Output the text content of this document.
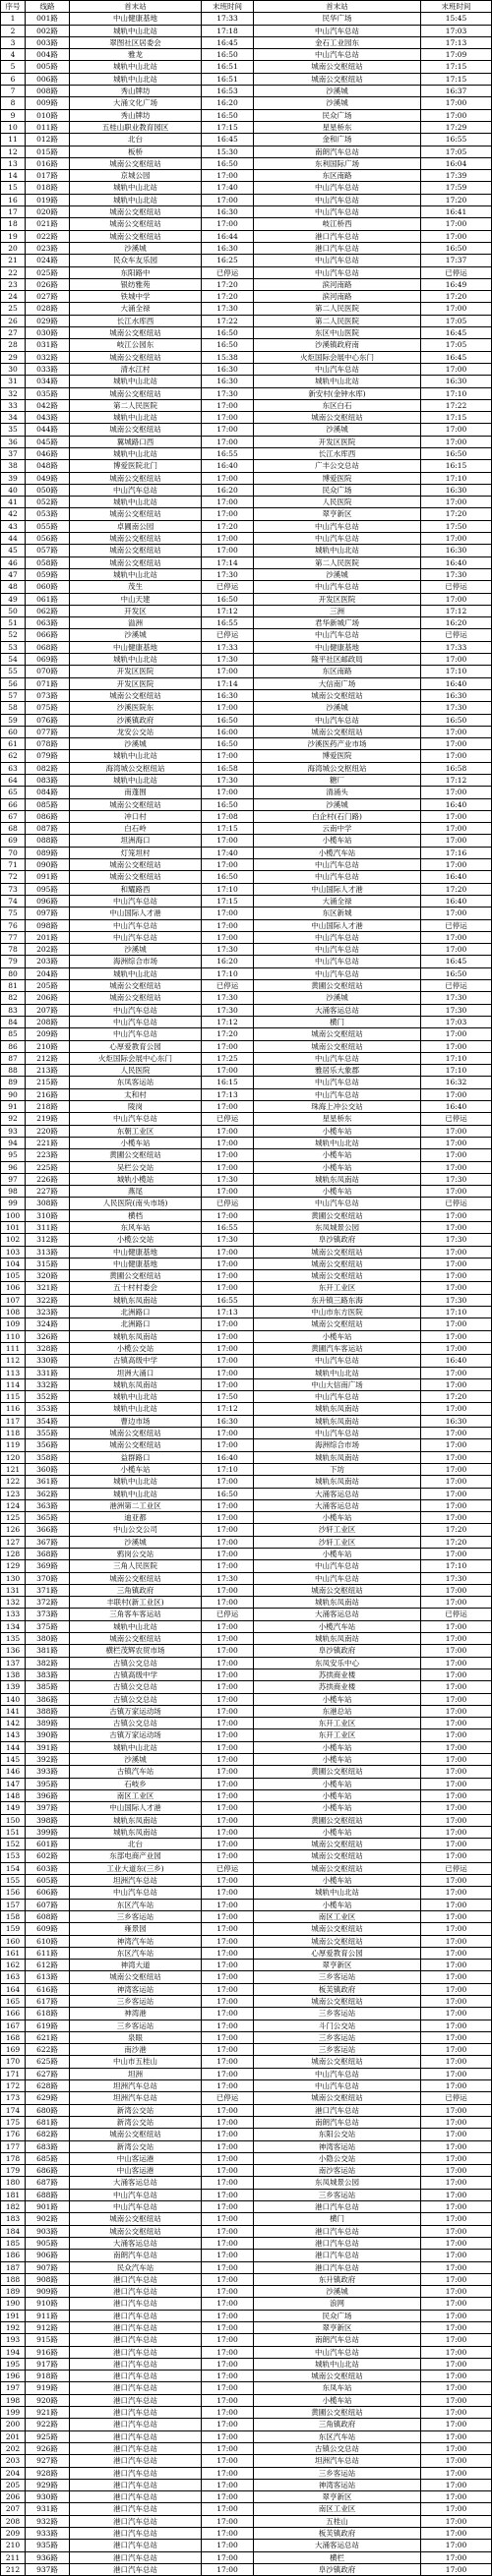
序号	线路	首末站	末班时间	首末站	末班时间
1	001路	中山健康基地	17:33	民华广场	15:45
2	002路	城轨中山北站	17:18	中山汽车总站	17:03
3	003路	翠图社区居委会	16:45	金石工业园东	17:13
4	004路	雅龙	16:50	中山汽车总站	17:09
5	005路	城轨中山北站	16:51	城南公交枢纽站	17:15
6	006路	城轨中山北站	16:51	城南公交枢纽站	17:15
7	008路	秀山牌坊	16:53	沙溪城	16:37
8	009路	大涌文化广场	16:20	沙溪城	17:00
9	010路	秀山牌坊	16:50	民众广场	17:00
10	011路	五桂山职业教育园区	17:15	星星桥东	17:29
11	012路	北台	16:45	金和广场	16:55
12	015路	板桥	15:30	南朗汽车总站	17:05
13	016路	城南公交枢纽站	16:50	东利国际广场	16:04
14	017路	京城公园	17:00	东区南路	17:39
15	018路	城轨中山北站	17:40	中山汽车总站	17:59
16	019路	城轨中山北站	17:00	中山汽车总站	17:20
17	020路	城南公交枢纽站	16:30	中山汽车总站	16:41
18	021路	城南公交枢纽站	17:00	岐江桥西	17:00
19	022路	城南公交枢纽站	16:44	港口汽车总站	17:00
20	023路	沙溪城	16:30	港口汽车总站	16:50
21	024路	民众车友乐园	16:25	中山汽车总站	17:37
22	025路	东阳路中	已停运	中山汽车总站	已停运
23	026路	银纺雅苑	17:20	滨河南路	16:49
24	027路	铁城中学	17:20	滨河南路	17:20
25	028路	大涌全禄	17:30	第二人民医院	17:00
26	029路	长江水库西	17:22	第二人民医院	17:05
27	030路	城南公交枢纽站	16:50	东区中山医院	16:45
28	031路	岐江公园东	16:50	沙溪镇政府南	17:05
29	032路	城南公交枢纽站	15:38	火炬国际会展中心东门	16:45
30	033路	清水江村	16:30	中山汽车总站	17:00
31	034路	城轨中山北站	16:30	城轨中山北站	16:30
32	035路	城南公交枢纽站	17:30	新安村(金钟水库)	17:10
33	042路	第二人民医院	17:00	东区白石	17:22
34	043路	城轨中山北站	17:00	城南公交枢纽站	17:15
35	044路	城南公交枢纽站	17:00	沙溪城	17:00
36	045路	翼城路口西	17:00	开发区医院	17:00
37	046路	城轨中山北站	16:55	长江水库西	16:50
38	048路	博爱医院北门	16:40	广丰公交总站	16:15
39	049路	城南公交枢纽站	17:00	博爱医院	17:10
40	050路	中山汽车总站	16:20	民众广场	16:30
41	052路	城轨中山北站	17:00	人民医院	17:00
42	053路	城南公交枢纽站	17:00	翠亨新区	17:20
43	055路	卓圃南公园	17:20	中山汽车总站	17:50
44	056路	城南公交枢纽站	17:00	中山汽车总站	17:00
45	057路	城南公交枢纽站	17:00	城轨中山北站	16:30
46	058路	城南公交枢纽站	17:14	第二人民医院	16:40
47	059路	城轨中山北站	17:30	沙溪城	17:30
48	060路	茂生	已停运	中山汽车总站	已停运
49	061路	中山天建	16:50	开发区医院	17:00
50	062路	开发区	17:12	三洲	17:12
51	063路	溢洲	16:55	君华新城广场	16:20
52	066路	沙溪城	已停运	中山汽车总站	已停运
53	068路	中山健康基地	17:33	中山健康基地	17:33
54	069路	城轨中山北站	17:30	隆平社区邮政局	17:00
55	070路	开发区医院	17:00	东区南路	17:10
56	071路	开发区医院	17:14	大信南广场	16:40
57	073路	城南公交枢纽站	16:30	城南公交枢纽站	16:30
58	075路	沙溪医院东	17:00	沙溪城	17:30
59	076路	沙溪镇政府	16:50	中山汽车总站	16:50
60	077路	龙安公交站	16:00	城南公交枢纽站	17:00
61	078路	沙溪城	16:50	沙溪医药产业市场	17:00
62	079路	城轨中山北站	17:00	博爱医院	17:00
63	082路	海湾城公交枢纽站	16:58	海湾城公交枢纽站	16:58
64	083路	城轨中山北站	17:30	糖厂	17:12
65	084路	南蓬围	17:00	清涌头	17:00
66	085路	城南公交枢纽站	16:50	沙溪城	16:40
67	086路	冲口村	17:08	白企村(石门路)	17:00
68	087路	白石岭	17:15	云南中学	17:00
69	088路	坦洲海口	17:00	小榄车站	17:00
70	089路	灯笼坦村	17:40	小榄汽车站	17:16
71	090路	城南公交枢纽站	17:00	中山汽车总站	17:00
72	091路	城南公交枢纽站	16:50	中山汽车总站	16:40
73	095路	和耀路西	17:10	中山国际人才港	17:20
74	096路	中山汽车总站	17:15	大涌全禄	16:40
75	097路	中山国际人才港	17:00	东区新城	17:00
76	098路	中山汽车总站	17:00	中山国际人才港	已停运
77	201路	中山汽车总站	17:00	中山汽车总站	17:00
78	202路	沙溪城	17:30	中山汽车总站	17:00
79	203路	海洲综合市场	16:20	中山汽车总站	16:45
80	204路	城轨中山北站	17:10	中山汽车总站	16:50
81	205路	城南公交枢纽站	已停运	黄圃公交枢纽站	已停运
82	206路	城南公交枢纽站	17:30	沙溪城	17:30
83	207路	中山汽车总站	17:30	大涌客运总站	17:30
84	208路	中山汽车总站	17:12	横门	17:03
85	209路	中山汽车总站	17:20	城南公交枢纽站	17:00
86	210路	心厚爱教育公园	17:00	城南公交枢纽站	17:00
87	212路	火炬国际会展中心东门	17:25	中山汽车总站	17:10
88	213路	人民医院	17:00	雅居乐大象郡	17:10
89	215路	东凤客运站	16:15	中山汽车总站	16:32
90	216路	太和村	17:13	中山汽车总站	17:00
91	218路	陵岗	17:00	珠海上冲公交站	16:40
92	219路	中山汽车总站	已停运	星星桥东	已停运
93	220路	东朝工业区	17:00	小榄车站	17:00
94	221路	小榄车站	17:00	城轨中山北站	17:00
95	223路	黄圃公交枢纽站	17:00	小榄车站	17:00
96	225路	吴栏公交站	17:00	小榄车站	17:00
97	226路	城轨小榄站	17:30	城轨东凤南站	17:30
98	227路	燕尾	17:00	小榄车站	17:00
99	308路	人民医院(南头市场)	已停运	中山汽车总站	已停运
100	310路	横档	17:00	黄圃公交枢纽站	17:00
101	311路	东风车站	16:55	东凤城景公园	17:00
102	312路	小榄公交站	17:30	阜沙镇政府	17:30
103	313路	中山健康基地	17:00	城南公交枢纽站	17:00
104	315路	中山健康基地	17:00	城南公交枢纽站	17:00
105	320路	黄圃公交枢纽站	17:00	城南公交枢纽站	17:00
106	321路	五十村村委会	17:00	东开工业区	17:00
107	322路	城轨东凤南站	16:55	东升镇三路东海	17:30
108	323路	北洲路口	17:13	中山市东方医院	17:10
109	324路	北洲路口	17:00	城南公交枢纽站	17:00
110	326路	城轨东凤南站	17:00	小榄车站	17:00
111	328路	小榄公交站	17:00	黄圃汽车客运站	17:00
112	330路	古镇高级中学	17:00	中山汽车总站	16:40
113	331路	坦洲大涌口	17:00	城轨中山北站	17:00
114	332路	城轨东凤南站	17:00	中山大信南广场	17:00
115	352路	城轨中山北站	17:50	中山汽车总站	17:20
116	353路	城轨中山北站	17:12	城轨东凤南站	17:00
117	354路	曹边市场	16:30	城轨东凤南站	16:30
118	355路	城南公交枢纽站	17:00	中山汽车总站	17:00
119	356路	城南公交枢纽站	17:00	海洲综合市场	17:00
120	358路	益群路口	16:40	城轨东凤南站	17:00
121	360路	小榄车站	17:10	下坊	17:00
122	361路	城轨中山北站	17:00	城轨东凤南站	17:00
123	362路	城轨中山北站	16:50	大涌客运总站	17:00
124	363路	港洲第二工业区	17:00	大涌客运总站	17:00
125	365路	迪亚都	17:00	小榄车站	17:00
126	366路	中山公交公司	17:00	沙轩工业区	17:20
127	367路	沙溪城	17:00	沙轩工业区	17:20
128	368路	鸦岗公交站	17:00	小榄车站	17:00
129	369路	三角人民医院	17:00	中山汽车总站	17:10
130	370路	城南公交枢纽站	17:30	中山汽车总站	17:30
131	371路	三角镇政府	17:00	城南公交枢纽站	17:00
132	372路	丰联村(新工业区)	17:00	城轨东凤南站	17:00
133	373路	三角客车客运站	已停运	大涌客运总站	已停运
134	375路	城轨中山北站	17:00	小榄汽车站	17:00
135	380路	城南公交枢纽站	17:00	城轨东凤南站	17:00
136	381路	横栏茂辉农贸市场	17:00	阜沙镇政府	17:00
137	382路	古镇公交总站	17:00	东凤安乐中心	17:00
138	383路	古镇高级中学	17:00	苏拱商业楼	17:00
139	385路	古镇公交总站	17:00	苏拱商业楼	17:00
140	386路	古镇公交总站	17:00	小榄车站	17:00
141	388路	古镇万家运动场	17:00	东港总站	17:00
142	389路	古镇公交总站	17:00	东开工业区	17:00
143	390路	古镇万家运动场	17:00	东开工业区	17:00
144	391路	城轨中山北站	17:00	小榄车站	17:00
145	392路	沙溪城	17:00	小榄车站	17:00
146	393路	古镇汽车站	17:00	黄圃公交枢纽站	17:00
147	395路	石岐乡	17:00	小榄车站	17:00
148	396路	南区工业区	17:00	小榄车站	17:00
149	397路	中山国际人才港	17:00	小榄车站	17:00
150	398路	城轨东凤南站	17:00	黄圃公交枢纽站	17:00
151	399路	城轨东凤南站	17:00	小榄车站	17:00
152	601路	北台	17:00	城南公交枢纽站	17:00
153	602路	东部电商产业园	17:00	城南公交枢纽站	17:00
154	603路	工业大道东(三乡)	已停运	城南公交枢纽站	已停运
155	605路	坦洲汽车总站	17:00	小榄车站	17:00
156	606路	中山汽车总站	17:00	城轨中山北站	17:00
157	607路	东区汽车站	17:00	小榄车站	17:00
158	608路	三乡客运站	17:00	南区工业区	17:00
159	609路	雍景园	17:00	城南公交枢纽站	17:00
160	610路	神湾汽车站	17:00	城南公交枢纽站	17:00
161	611路	东区汽车站	17:00	心厚爱教育公园	17:00
162	612路	神湾大道	17:00	翠亨新区	17:00
163	613路	城南公交枢纽站	17:00	三乡客运站	17:00
164	616路	神湾客运站	17:00	板芙镇政府	17:00
165	617路	三乡客运站	17:00	城南公交枢纽站	17:00
166	618路	神湾港	17:00	三乡客运站	17:00
167	619路	三乡客运站	17:00	斗门公交站	17:00
168	621路	泉眼	17:00	三乡客运站	17:00
169	622路	南沙港	17:00	三乡客运站	17:00
170	625路	中山市五桂山	17:00	城南公交枢纽站	17:00
171	627路	坦洲	17:00	中山汽车总站	17:00
172	628路	坦洲汽车总站	17:00	中山汽车总站	17:00
173	629路	坦洲汽车总站	已停运	城南公交枢纽站	已停运
174	680路	新湾公交站	17:00	港口汽车总站	17:00
175	681路	新湾公交站	17:00	南朗汽车总站	17:00
176	682路	城南公交枢纽站	17:00	东阳公交站	17:00
177	683路	新湾公交站	17:00	神湾客运站	17:00
178	685路	中山客运港	17:00	小隐公交站	17:00
179	686路	中山客运港	17:00	南沙客运站	17:00
180	687路	大涌客运总站	17:00	东凤城景公园	17:00
181	688路	中山汽车总站	17:00	三乡客运站	17:00
182	901路	中山汽车总站	17:00	港口汽车总站	17:00
183	902路	城南公交枢纽站	17:00	横门	17:00
184	903路	城南公交枢纽站	17:00	港口汽车总站	17:00
185	905路	大涌客运总站	17:00	港口汽车总站	17:00
186	906路	南朗汽车总站	17:00	港口汽车总站	17:00
187	907路	民众汽车站	17:00	港口汽车总站	17:00
188	908路	港口汽车总站	17:00	东升镇政府	17:00
189	909路	港口汽车总站	17:00	沙溪城	17:00
190	910路	港口汽车总站	17:00	浪网	17:00
191	911路	港口汽车总站	17:00	民众广场	17:00
192	912路	港口汽车总站	17:00	翠亨新区	17:00
193	915路	港口汽车总站	17:00	南朗汽车总站	17:00
194	916路	港口汽车总站	17:00	中山汽车总站	17:00
195	917路	港口汽车总站	17:00	城轨中山北站	17:00
196	918路	港口汽车总站	17:00	城南公交枢纽站	17:00
197	919路	港口汽车总站	17:00	东凤车站	17:00
198	920路	港口汽车总站	17:00	小榄车站	17:00
199	921路	港口汽车总站	17:00	黄圃公交枢纽站	17:00
200	922路	港口汽车总站	17:00	三角镇政府	17:00
201	925路	港口汽车总站	17:00	东区汽车站	17:00
202	926路	港口汽车总站	17:00	古镇公交总站	17:00
203	927路	港口汽车总站	17:00	坦洲汽车总站	17:00
204	928路	港口汽车总站	17:00	三乡客运站	17:00
205	929路	港口汽车总站	17:00	神湾客运站	17:00
206	930路	港口汽车总站	17:00	翠亨新区	17:00
207	931路	港口汽车总站	17:00	南区工业区	17:00
208	932路	港口汽车总站	17:00	五桂山	17:00
209	933路	港口汽车总站	17:00	板芙镇政府	17:00
210	935路	港口汽车总站	17:00	大涌客运总站	17:00
211	936路	港口汽车总站	17:00	横栏	17:00
212	937路	港口汽车总站	17:00	阜沙镇政府	17:00
